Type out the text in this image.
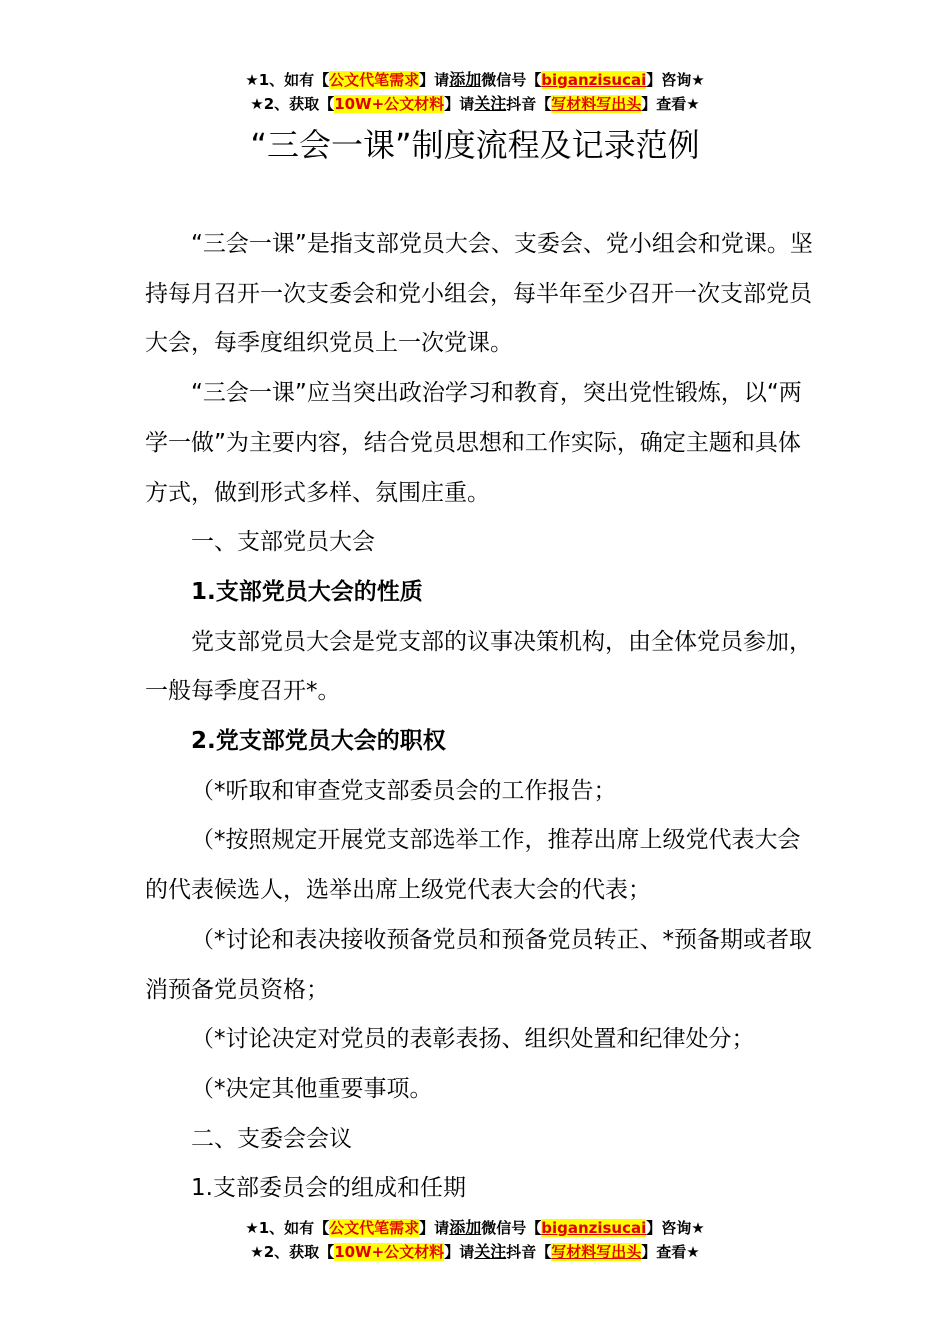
★1、如有【公文代笔需求】请添加微信号【biganzisucai】咨询★
★2、获取【10W+公文材料】请关注抖音【写材料写出头】查看★
“三会一课”制度流程及记录范例

“三会一课”是指支部党员大会、支委会、党小组会和党课。坚持每月召开一次支委会和党小组会，每半年至少召开一次支部党员大会，每季度组织党员上一次党课。

“三会一课”应当突出政治学习和教育，突出党性锻炼，以“两学一做”为主要内容，结合党员思想和工作实际，确定主题和具体方式，做到形式多样、氛围庄重。

一、支部党员大会

1.支部党员大会的性质

党支部党员大会是党支部的议事决策机构，由全体党员参加，一般每季度召开*。

2.党支部党员大会的职权

（*听取和审查党支部委员会的工作报告；

（*按照规定开展党支部选举工作，推荐出席上级党代表大会的代表候选人，选举出席上级党代表大会的代表；

（*讨论和表决接收预备党员和预备党员转正、*预备期或者取消预备党员资格；

（*讨论决定对党员的表彰表扬、组织处置和纪律处分；

（*决定其他重要事项。

二、支委会会议

1.支部委员会的组成和任期

★1、如有【公文代笔需求】请添加微信号【biganzisucai】咨询★
★2、获取【10W+公文材料】请关注抖音【写材料写出头】查看★
